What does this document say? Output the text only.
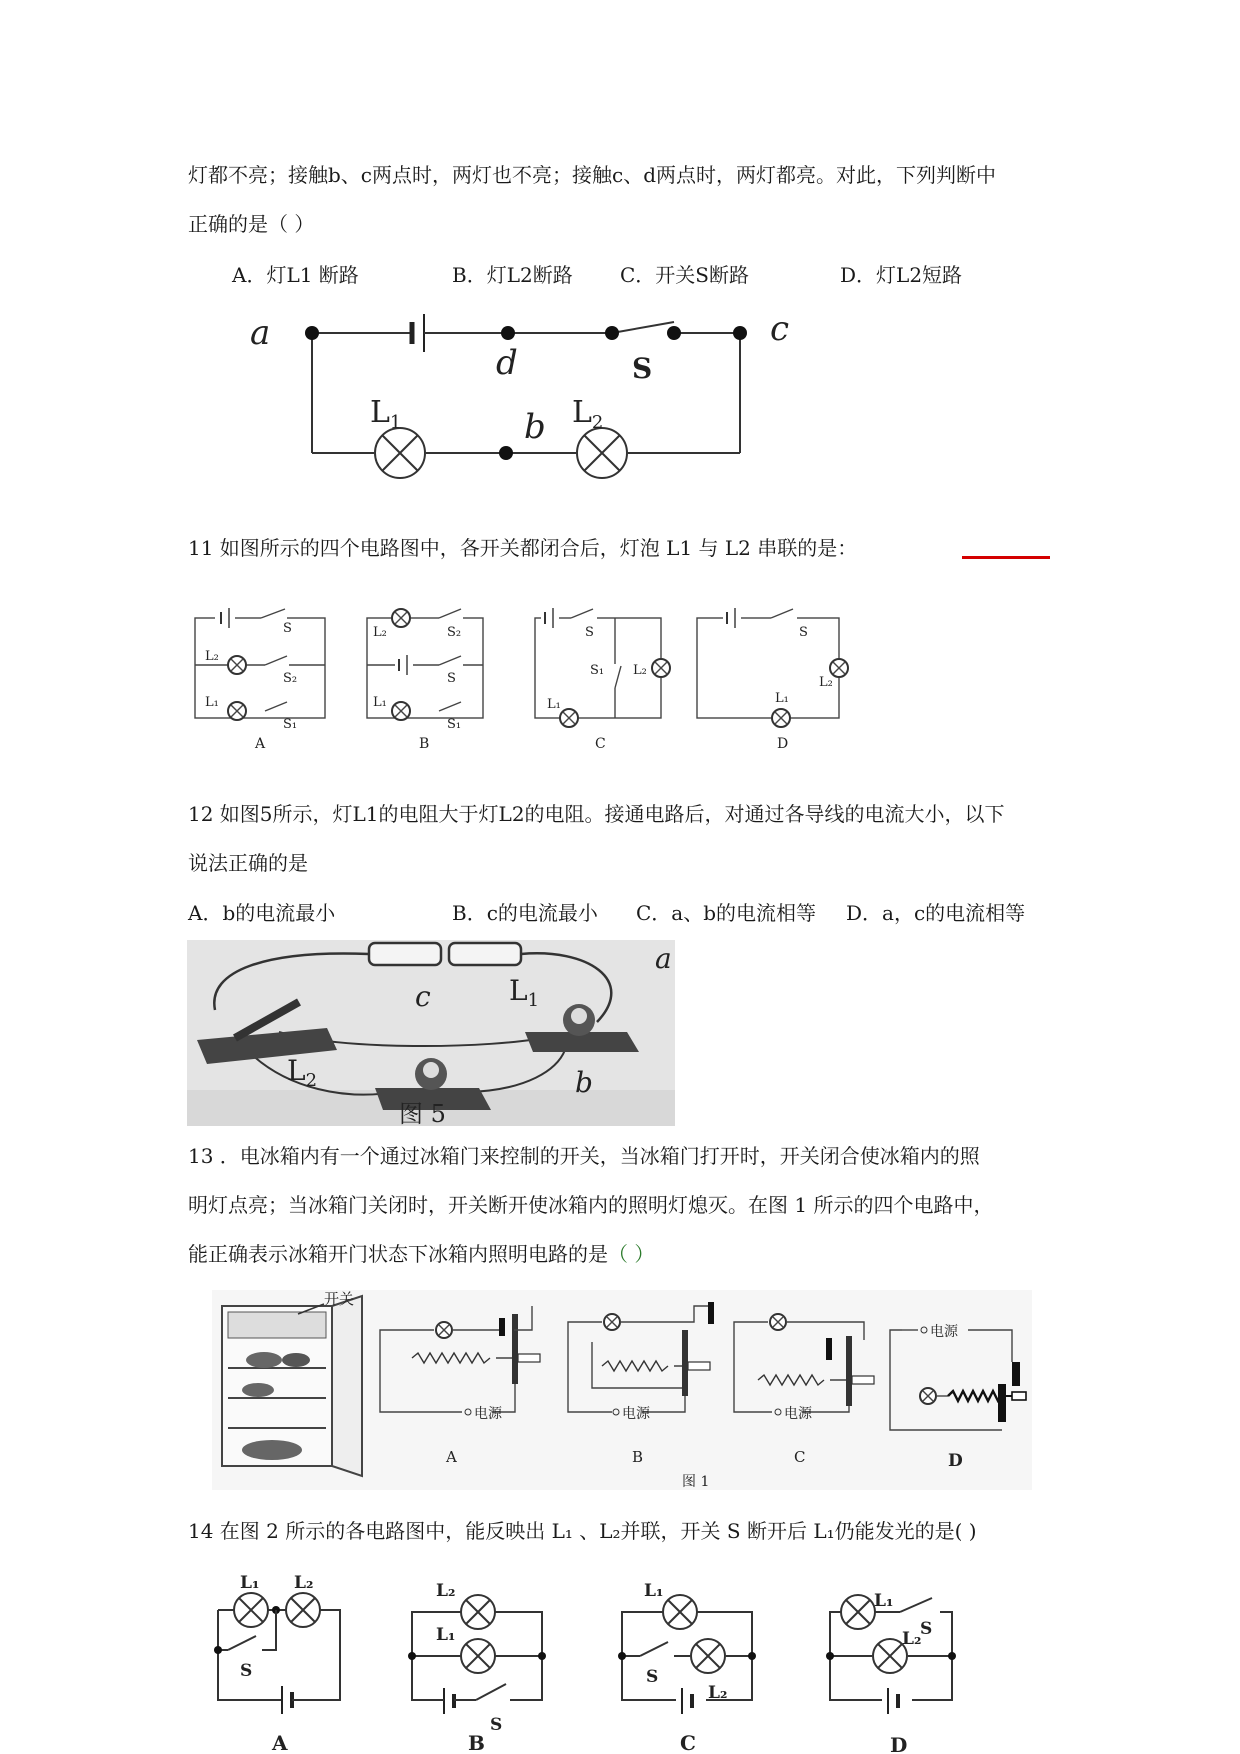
灯都不亮；接触b、c两点时，两灯也不亮；接触c、d两点时，两灯都亮。对此，下列判断中
正确的是（ ）
A．灯L1 断路	B．灯L2断路 C．开关S断路	D．灯L2短路
a
d	S
c
b
$L_1$	$L_2$
11 如图所示的四个电路图中，各开关都闭合后，灯泡 L1 与 L2 串联的是：
S
L₂
S₂
L₁
S₁
A
L₂	S₂
S
L₁
S₁
B
S
S₁ L₂
L₁
C
S
L₂
L₁
D
12 如图5所示，灯L1的电阻大于灯L2的电阻。接通电路后，对通过各导线的电流大小，以下
说法正确的是
A．b的电流最小	B．c的电流最小 C．a、b的电流相等 D．a，c的电流相等
c	$L_1$
$L_2$	b
a
图 5
13 ．电冰箱内有一个通过冰箱门来控制的开关，当冰箱门打开时，开关闭合使冰箱内的照
明灯点亮；当冰箱门关闭时，开关断开使冰箱内的照明灯熄灭。在图 1 所示的四个电路中，
能正确表示冰箱开门状态下冰箱内照明电路的是（ ）
开关
电源
A
电源
B
电源
C
电源
D
图 1
14 在图 2 所示的各电路图中，能反映出 L₁ 、L₂并联，开关 S 断开后 L₁仍能发光的是( )
L₁ L₂
S
A
L₂
L₁
S
B
L₁
S
L₂
C
L₁
S
L₂
D
